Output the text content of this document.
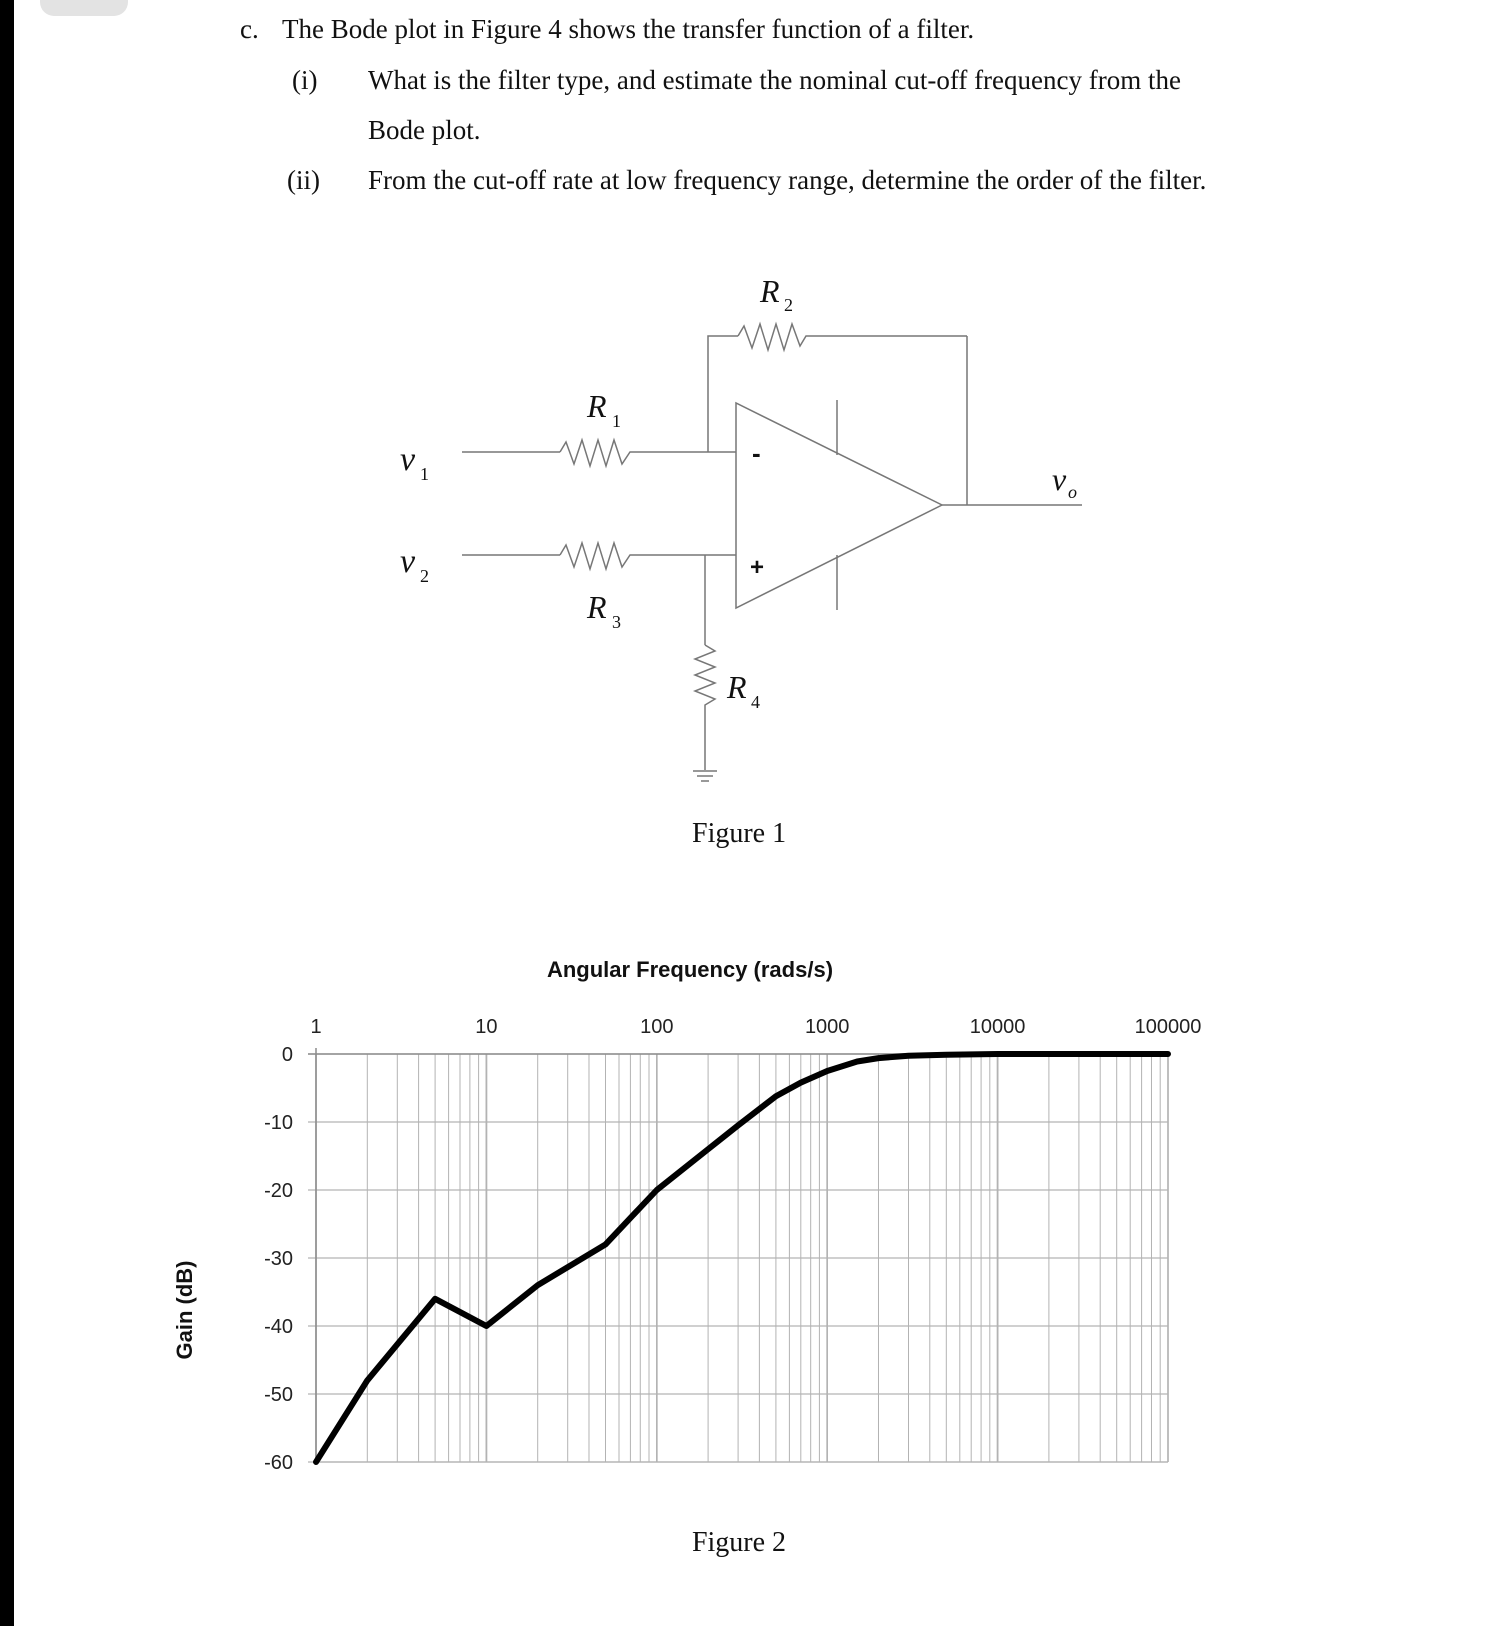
c. The Bode plot in Figure 4 shows the transfer function of a filter.
(i) What is the filter type, and estimate the nominal cut-off frequency from the
Bode plot.
(ii) From the cut-off rate at low frequency range, determine the order of the filter.
R 1
R 2
R 3
R 4
v 1
v 2
v o
-
+
Figure 1
1	10	100	1000	10000	100000
0
-10
-20
-30
-40
-50
-60
Angular Frequency (rads/s)
Gain (dB)
Figure 2
